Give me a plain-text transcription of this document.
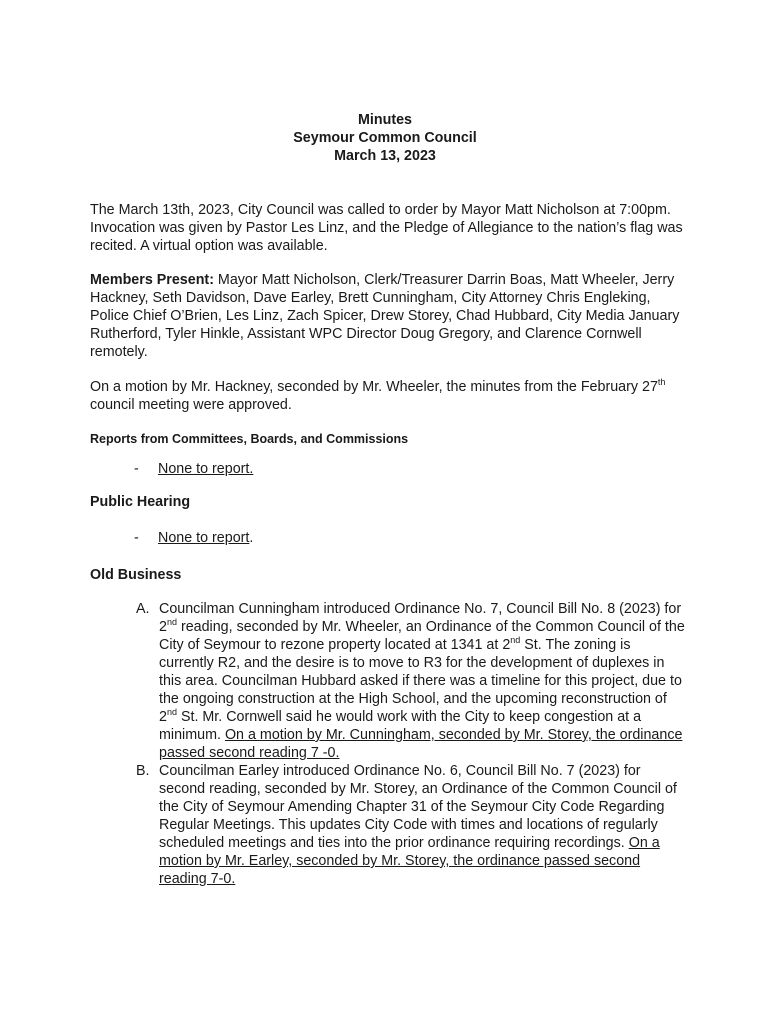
Minutes
Seymour Common Council
March 13, 2023

The March 13th, 2023, City Council was called to order by Mayor Matt Nicholson at 7:00pm. Invocation was given by Pastor Les Linz, and the Pledge of Allegiance to the nation’s flag was recited. A virtual option was available.

Members Present: Mayor Matt Nicholson, Clerk/Treasurer Darrin Boas, Matt Wheeler, Jerry Hackney, Seth Davidson, Dave Earley, Brett Cunningham, City Attorney Chris Engleking, Police Chief O’Brien, Les Linz, Zach Spicer, Drew Storey, Chad Hubbard, City Media January Rutherford, Tyler Hinkle, Assistant WPC Director Doug Gregory, and Clarence Cornwell remotely.

On a motion by Mr. Hackney, seconded by Mr. Wheeler, the minutes from the February 27th council meeting were approved.

Reports from Committees, Boards, and Commissions

- None to report.

Public Hearing

- None to report.

Old Business

A. Councilman Cunningham introduced Ordinance No. 7, Council Bill No. 8 (2023) for 2nd reading, seconded by Mr. Wheeler, an Ordinance of the Common Council of the City of Seymour to rezone property located at 1341 at 2nd St. The zoning is currently R2, and the desire is to move to R3 for the development of duplexes in this area. Councilman Hubbard asked if there was a timeline for this project, due to the ongoing construction at the High School, and the upcoming reconstruction of 2nd St. Mr. Cornwell said he would work with the City to keep congestion at a minimum. On a motion by Mr. Cunningham, seconded by Mr. Storey, the ordinance passed second reading 7 -0.
B. Councilman Earley introduced Ordinance No. 6, Council Bill No. 7 (2023) for second reading, seconded by Mr. Storey, an Ordinance of the Common Council of the City of Seymour Amending Chapter 31 of the Seymour City Code Regarding Regular Meetings. This updates City Code with times and locations of regularly scheduled meetings and ties into the prior ordinance requiring recordings. On a motion by Mr. Earley, seconded by Mr. Storey, the ordinance passed second reading 7-0.
